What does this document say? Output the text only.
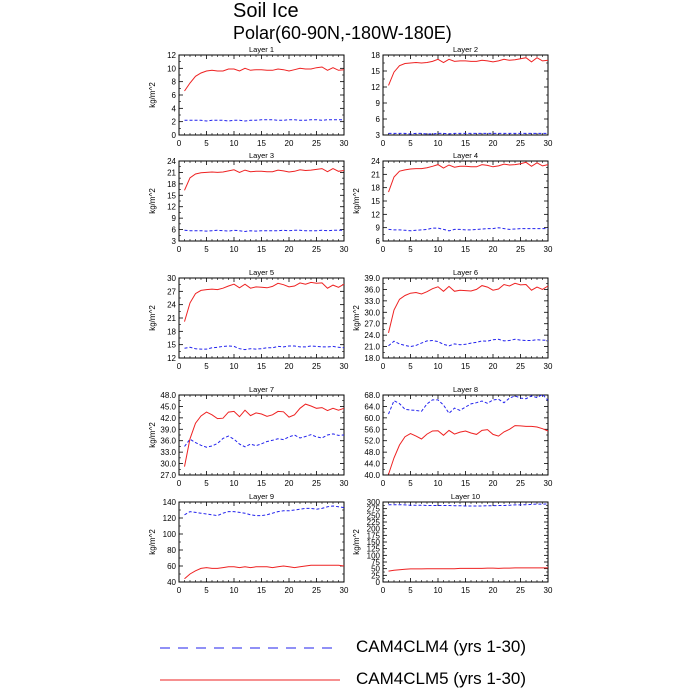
Soil Ice
Polar(60-90N,-180W-180E)
Layer 1
0	5	10 15 20 25 30
0
2
4
6
8
10
12
kg/m^2
Layer 2
0	5	10 15 20 25 30
3
6
9
12
15
18
Layer 3
0	5	10 15 20 25 30
3
6
9
12
15
18
21
24
kg/m^2
Layer 4
0	5	10 15 20 25 30
6
9
12
15
18
21
24
kg/m^2
Layer 5
0	5	10 15 20 25 30
12
15
18
21
24
27
30
kg/m^2
Layer 6
0	5	10 15 20 25 30
18.0
21.0
24.0
27.0
30.0
33.0
36.0
39.0
kg/m^2
Layer 7
0	5	10 15 20 25 30
27.0
30.0
33.0
36.0
39.0
42.0
45.0
48.0
kg/m^2
Layer 8
0	5	10 15 20 25 30
40.0
44.0
48.0
52.0
56.0
60.0
64.0
68.0
Layer 9
0	5	10 15 20 25 30
40
60
80
100
120
140
kg/m^2
Layer 10
0	5	10 15 20 25 30
0
25
50
75
100
125
150
175
200
225
250
275
300
kg/m^2
CAM4CLM4 (yrs 1-30)
CAM4CLM5 (yrs 1-30)
